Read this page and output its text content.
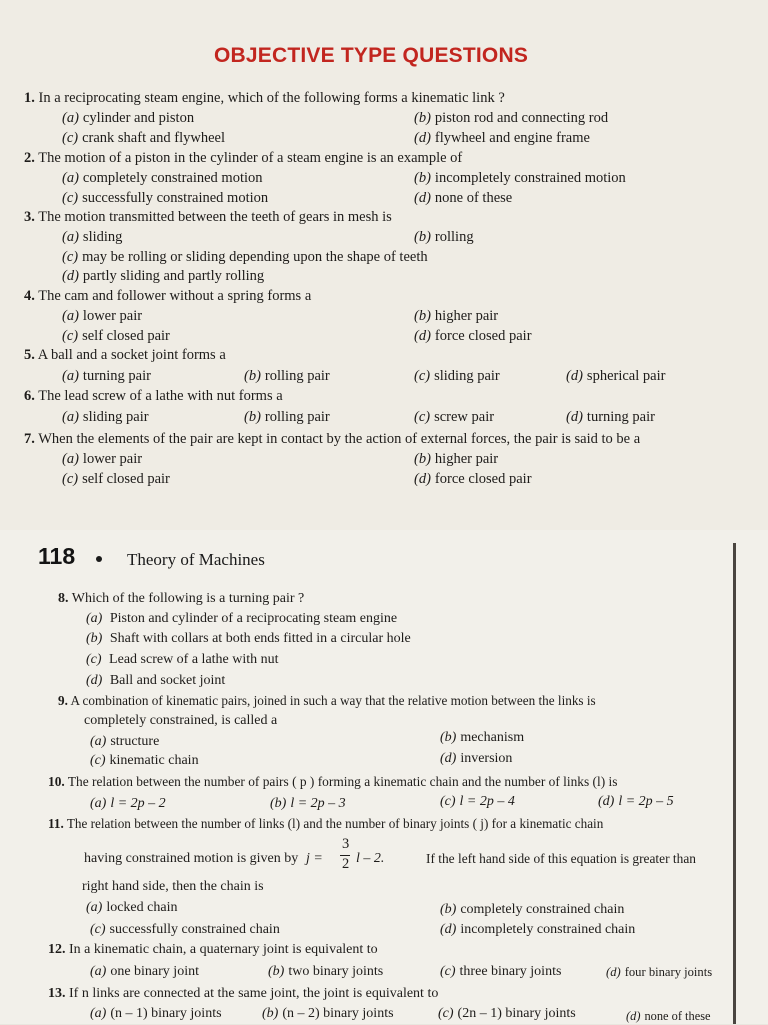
OBJECTIVE TYPE QUESTIONS
1. In a reciprocating steam engine, which of the following forms a kinematic link ?
(a) cylinder and piston	(b) piston rod and connecting rod
(c) crank shaft and flywheel	(d) flywheel and engine frame
2. The motion of a piston in the cylinder of a steam engine is an example of
(a) completely constrained motion	(b) incompletely constrained motion
(c) successfully constrained motion	(d) none of these
3. The motion transmitted between the teeth of gears in mesh is
(a) sliding	(b) rolling
(c) may be rolling or sliding depending upon the shape of teeth
(d) partly sliding and partly rolling
4. The cam and follower without a spring forms a
(a) lower pair	(b) higher pair
(c) self closed pair	(d) force closed pair
5. A ball and a socket joint forms a
(a) turning pair	(b) rolling pair	(c) sliding pair	(d) spherical pair
6. The lead screw of a lathe with nut forms a
(a) sliding pair	(b) rolling pair	(c) screw pair	(d) turning pair
7. When the elements of the pair are kept in contact by the action of external forces, the pair is said to be a
(a) lower pair	(b) higher pair
(c) self closed pair	(d) force closed pair
118	Theory of Machines
8. Which of the following is a turning pair ?
(a) Piston and cylinder of a reciprocating steam engine
(b) Shaft with collars at both ends fitted in a circular hole
(c) Lead screw of a lathe with nut
(d) Ball and socket joint
9. A combination of kinematic pairs, joined in such a way that the relative motion between the links is
completely constrained, is called a
(a) structure	(b) mechanism
(c) kinematic chain	(d) inversion
10. The relation between the number of pairs ( p ) forming a kinematic chain and the number of links (l) is
(a) l = 2p – 2	(b) l = 2p – 3	(c) l = 2p – 4	(d) l = 2p – 5
11. The relation between the number of links (l) and the number of binary joints ( j) for a kinematic chain
having constrained motion is given by j =
3
2 l – 2.	If the left hand side of this equation is greater than
right hand side, then the chain is
(a) locked chain	(b) completely constrained chain
(c) successfully constrained chain	(d) incompletely constrained chain
12. In a kinematic chain, a quaternary joint is equivalent to
(a) one binary joint	(b) two binary joints	(c) three binary joints	(d) four binary joints
13. If n links are connected at the same joint, the joint is equivalent to
(a) (n – 1) binary joints	(b) (n – 2) binary joints	(c) (2n – 1) binary joints	(d) none of these
